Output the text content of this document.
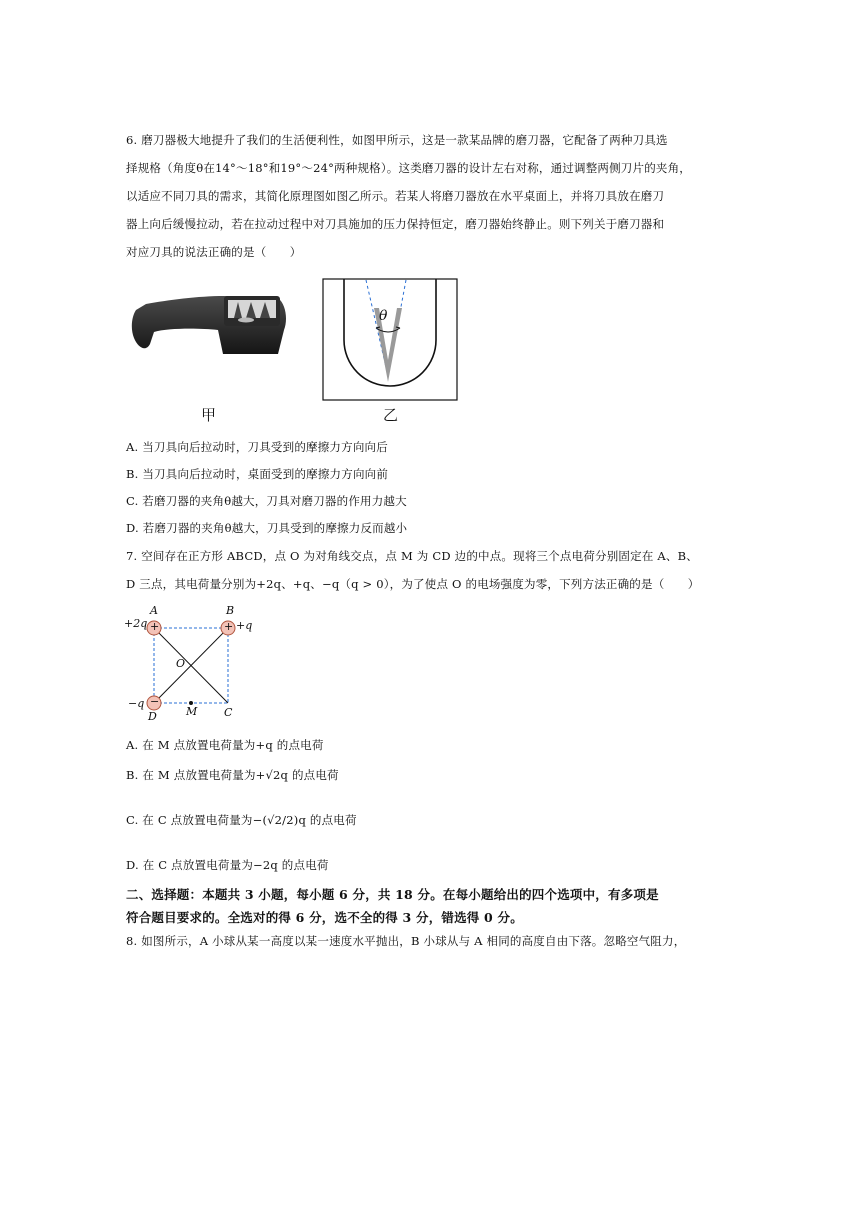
6. 磨刀器极大地提升了我们的生活便利性，如图甲所示，这是一款某品牌的磨刀器，它配备了两种刀具选
择规格（角度θ在14°～18°和19°～24°两种规格）。这类磨刀器的设计左右对称，通过调整两侧刀片的夹角，
以适应不同刀具的需求，其简化原理图如图乙所示。若某人将磨刀器放在水平桌面上，并将刀具放在磨刀
器上向后缓慢拉动，若在拉动过程中对刀具施加的压力保持恒定，磨刀器始终静止。则下列关于磨刀器和
对应刀具的说法正确的是（　　）
甲
θ
乙
A. 当刀具向后拉动时，刀具受到的摩擦力方向向后
B. 当刀具向后拉动时，桌面受到的摩擦力方向向前
C. 若磨刀器的夹角θ越大，刀具对磨刀器的作用力越大
D. 若磨刀器的夹角θ越大，刀具受到的摩擦力反而越小
7. 空间存在正方形 ABCD，点 O 为对角线交点，点 M 为 CD 边的中点。现将三个点电荷分别固定在 A、B、
D 三点，其电荷量分别为+2q、+q、−q（q > 0），为了使点 O 的电场强度为零，下列方法正确的是（　　）
A	B
C
D
O
M
+2q	+q
−q
+	+
−
A. 在 M 点放置电荷量为+q 的点电荷
B. 在 M 点放置电荷量为+√2q 的点电荷
C. 在 C 点放置电荷量为−(√2/2)q 的点电荷
D. 在 C 点放置电荷量为−2q 的点电荷
二、选择题：本题共 3 小题，每小题 6 分，共 18 分。在每小题给出的四个选项中，有多项是
符合题目要求的。全选对的得 6 分，选不全的得 3 分，错选得 0 分。
8. 如图所示，A 小球从某一高度以某一速度水平抛出，B 小球从与 A 相同的高度自由下落。忽略空气阻力，
